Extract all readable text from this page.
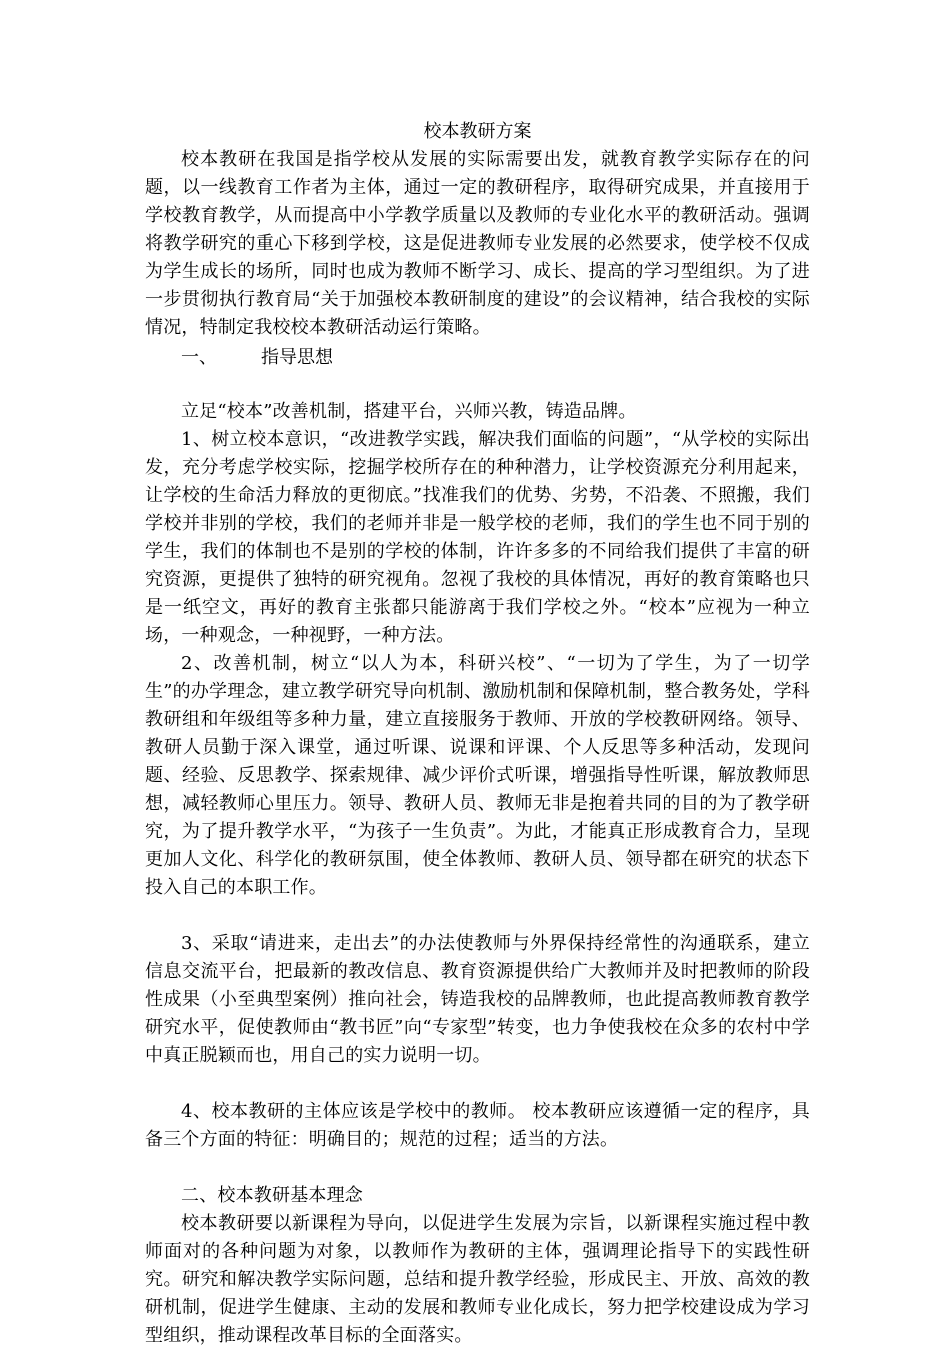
校本教研方案

校本教研在我国是指学校从发展的实际需要出发，就教育教学实际存在的问题，以一线教育工作者为主体，通过一定的教研程序，取得研究成果，并直接用于学校教育教学，从而提高中小学教学质量以及教师的专业化水平的教研活动。强调将教学研究的重心下移到学校，这是促进教师专业发展的必然要求，使学校不仅成为学生成长的场所，同时也成为教师不断学习、成长、提高的学习型组织。为了进一步贯彻执行教育局“关于加强校本教研制度的建设”的会议精神，结合我校的实际情况，特制定我校校本教研活动运行策略。

一、	指导思想

立足“校本”改善机制，搭建平台，兴师兴教，铸造品牌。

1、树立校本意识，“改进教学实践，解决我们面临的问题”，“从学校的实际出发，充分考虑学校实际，挖掘学校所存在的种种潜力，让学校资源充分利用起来，让学校的生命活力释放的更彻底。”找准我们的优势、劣势，不沿袭、不照搬，我们学校并非别的学校，我们的老师并非是一般学校的老师，我们的学生也不同于别的学生，我们的体制也不是别的学校的体制，许许多多的不同给我们提供了丰富的研究资源，更提供了独特的研究视角。忽视了我校的具体情况，再好的教育策略也只是一纸空文，再好的教育主张都只能游离于我们学校之外。“校本”应视为一种立场，一种观念，一种视野，一种方法。

2、改善机制，树立“以人为本，科研兴校”、“一切为了学生，为了一切学生”的办学理念，建立教学研究导向机制、激励机制和保障机制，整合教务处，学科教研组和年级组等多种力量，建立直接服务于教师、开放的学校教研网络。领导、教研人员勤于深入课堂，通过听课、说课和评课、个人反思等多种活动，发现问题、经验、反思教学、探索规律、减少评价式听课，增强指导性听课，解放教师思想，减轻教师心里压力。领导、教研人员、教师无非是抱着共同的目的为了教学研究，为了提升教学水平，“为孩子一生负责”。为此，才能真正形成教育合力，呈现更加人文化、科学化的教研氛围，使全体教师、教研人员、领导都在研究的状态下投入自己的本职工作。

3、采取“请进来，走出去”的办法使教师与外界保持经常性的沟通联系，建立信息交流平台，把最新的教改信息、教育资源提供给广大教师并及时把教师的阶段性成果（小至典型案例）推向社会，铸造我校的品牌教师，也此提高教师教育教学研究水平，促使教师由“教书匠”向“专家型”转变，也力争使我校在众多的农村中学中真正脱颖而也，用自己的实力说明一切。

4、校本教研的主体应该是学校中的教师。 校本教研应该遵循一定的程序，具备三个方面的特征：明确目的；规范的过程；适当的方法。

二、校本教研基本理念

校本教研要以新课程为导向，以促进学生发展为宗旨，以新课程实施过程中教师面对的各种问题为对象，以教师作为教研的主体，强调理论指导下的实践性研究。研究和解决教学实际问题，总结和提升教学经验，形成民主、开放、高效的教研机制，促进学生健康、主动的发展和教师专业化成长，努力把学校建设成为学习型组织，推动课程改革目标的全面落实。
